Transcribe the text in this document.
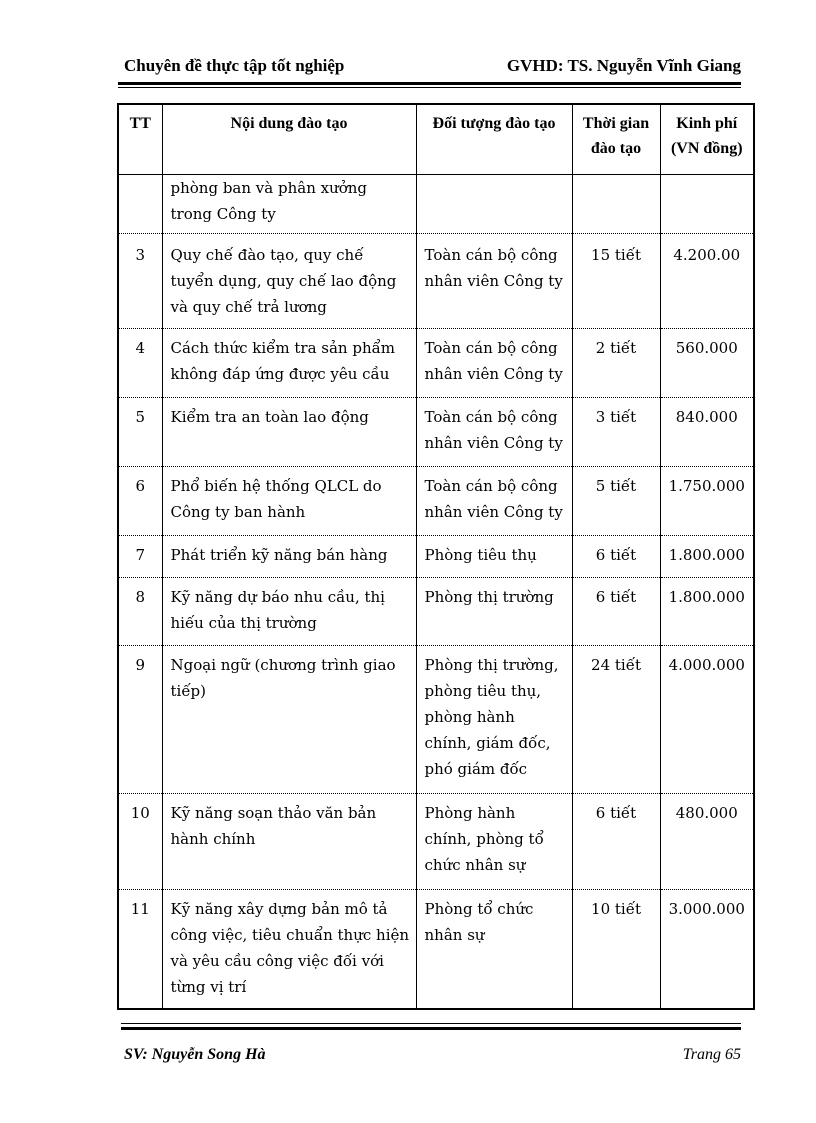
Chuyên đề thực tập tốt nghiệp	GVHD: TS. Nguyễn Vĩnh Giang
TT	Nội dung đào tạo	Đối tượng đào tạo	Thời gian đào tạo	Kinh phí (VN đồng)
	phòng ban và phân xưởng trong Công ty			
3	Quy chế đào tạo, quy chế tuyển dụng, quy chế lao động và quy chế trả lương	Toàn cán bộ công nhân viên Công ty	15 tiết	4.200.00
4	Cách thức kiểm tra sản phẩm không đáp ứng được yêu cầu	Toàn cán bộ công nhân viên Công ty	2 tiết	560.000
5	Kiểm tra an toàn lao động	Toàn cán bộ công nhân viên Công ty	3 tiết	840.000
6	Phổ biến hệ thống QLCL do Công ty ban hành	Toàn cán bộ công nhân viên Công ty	5 tiết	1.750.000
7	Phát triển kỹ năng bán hàng	Phòng tiêu thụ	6 tiết	1.800.000
8	Kỹ năng dự báo nhu cầu, thị hiếu của thị trường	Phòng thị trường	6 tiết	1.800.000
9	Ngoại ngữ (chương trình giao tiếp)	Phòng thị trường, phòng tiêu thụ, phòng hành chính, giám đốc, phó giám đốc	24 tiết	4.000.000
10	Kỹ năng soạn thảo văn bản hành chính	Phòng hành chính, phòng tổ chức nhân sự	6 tiết	480.000
11	Kỹ năng xây dựng bản mô tả công việc, tiêu chuẩn thực hiện và yêu cầu công việc đối với từng vị trí	Phòng tổ chức nhân sự	10 tiết	3.000.000
SV: Nguyễn Song Hà	Trang 65
